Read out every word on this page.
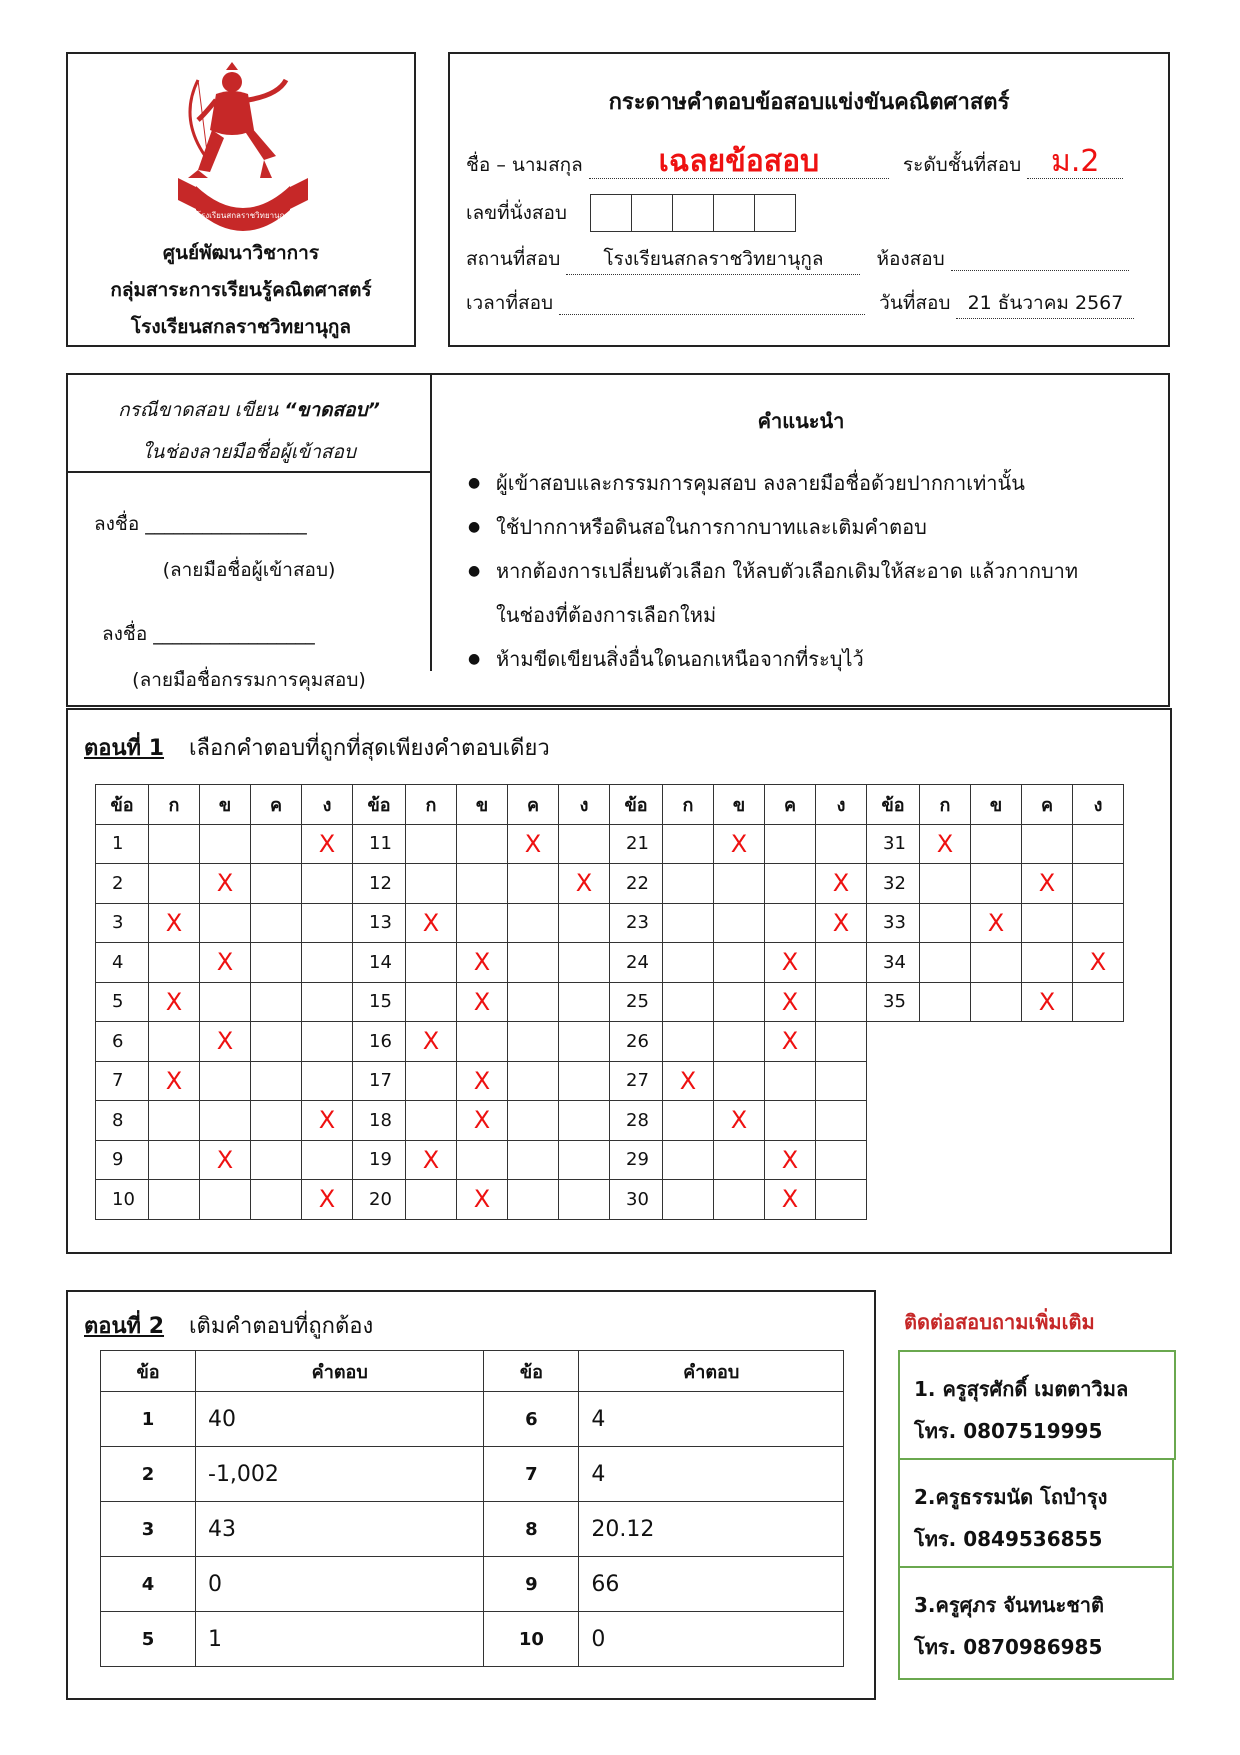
โรงเรียนสกลราชวิทยานุกูล
ศูนย์พัฒนาวิชาการ
กลุ่มสาระการเรียนรู้คณิตศาสตร์
โรงเรียนสกลราชวิทยานุกูล
กระดาษคำตอบข้อสอบแข่งขันคณิตศาสตร์
ชื่อ – นามสกุล	เฉลยข้อสอบ	ระดับชั้นที่สอบ ม.2
เลขที่นั่งสอบ
สถานที่สอบ โรงเรียนสกลราชวิทยานุกูล	ห้องสอบ
เวลาที่สอบ	วันที่สอบ 21 ธันวาคม 2567
กรณีขาดสอบ เขียน “ขาดสอบ”
ในช่องลายมือชื่อผู้เข้าสอบ
ลงชื่อ _________________
(ลายมือชื่อผู้เข้าสอบ)
ลงชื่อ _________________
(ลายมือชื่อกรรมการคุมสอบ)
คำแนะนำ
● ผู้เข้าสอบและกรรมการคุมสอบ ลงลายมือชื่อด้วยปากกาเท่านั้น
● ใช้ปากกาหรือดินสอในการกากบาทและเติมคำตอบ
● หากต้องการเปลี่ยนตัวเลือก ให้ลบตัวเลือกเดิมให้สะอาด แล้วกากบาท
ในช่องที่ต้องการเลือกใหม่
● ห้ามขีดเขียนสิ่งอื่นใดนอกเหนือจากที่ระบุไว้
ตอนที่ 1 เลือกคำตอบที่ถูกที่สุดเพียงคำตอบเดียว
ข้อ	ก	ข	ค	ง	ข้อ	ก	ข	ค	ง	ข้อ	ก	ข	ค	ง	ข้อ	ก	ข	ค	ง
1				X	11			X		21		X			31	X			
2		X			12				X	22				X	32			X	
3	X				13	X				23				X	33		X		
4		X			14		X			24			X		34				X
5	X				15		X			25			X		35			X	
6		X			16	X				26			X						
7	X				17		X			27	X								
8				X	18		X			28		X							
9		X			19	X				29			X						
10				X	20		X			30			X						
ตอนที่ 2 เติมคำตอบที่ถูกต้อง
ข้อ	คำตอบ	ข้อ	คำตอบ
1	40	6	4
2	-1,002	7	4
3	43	8	20.12
4	0	9	66
5	1	10	0
ติดต่อสอบถามเพิ่มเติม
1. ครูสุรศักดิ์ เมตตาวิมล
โทร. 0807519995
2.ครูธรรมนัด โถบำรุง
โทร. 0849536855
3.ครูศุภร จันทนะชาติ
โทร. 0870986985
